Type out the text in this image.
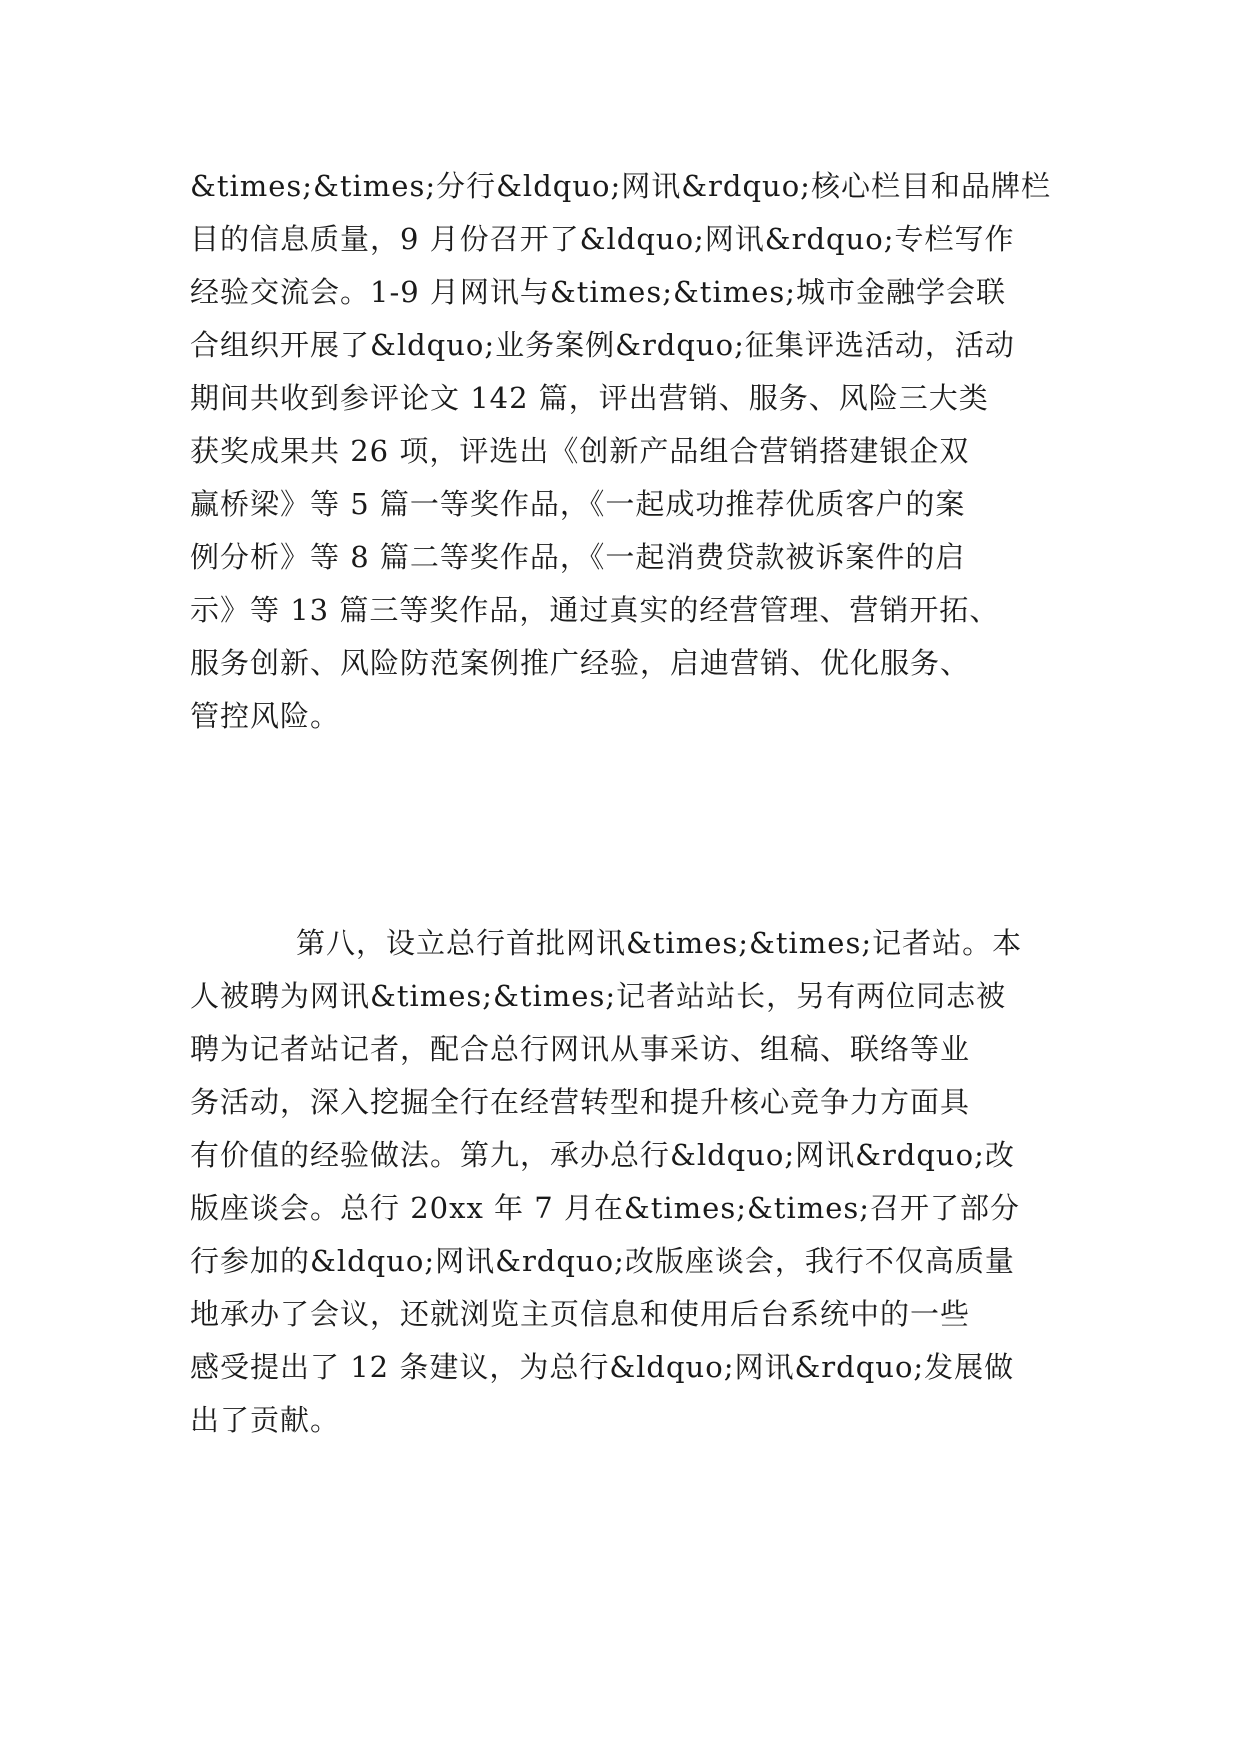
&times;&times;分行&ldquo;网讯&rdquo;核心栏目和品牌栏
目的信息质量，9 月份召开了&ldquo;网讯&rdquo;专栏写作
经验交流会。1-9 月网讯与&times;&times;城市金融学会联
合组织开展了&ldquo;业务案例&rdquo;征集评选活动，活动
期间共收到参评论文 142 篇，评出营销、服务、风险三大类
获奖成果共 26 项，评选出《创新产品组合营销搭建银企双
赢桥梁》等 5 篇一等奖作品，《一起成功推荐优质客户的案
例分析》等 8 篇二等奖作品，《一起消费贷款被诉案件的启
示》等 13 篇三等奖作品，通过真实的经营管理、营销开拓、
服务创新、风险防范案例推广经验，启迪营销、优化服务、
管控风险。
第八，设立总行首批网讯&times;&times;记者站。本
人被聘为网讯&times;&times;记者站站长，另有两位同志被
聘为记者站记者，配合总行网讯从事采访、组稿、联络等业
务活动，深入挖掘全行在经营转型和提升核心竞争力方面具
有价值的经验做法。第九，承办总行&ldquo;网讯&rdquo;改
版座谈会。总行 20xx 年 7 月在&times;&times;召开了部分
行参加的&ldquo;网讯&rdquo;改版座谈会，我行不仅高质量
地承办了会议，还就浏览主页信息和使用后台系统中的一些
感受提出了 12 条建议，为总行&ldquo;网讯&rdquo;发展做
出了贡献。
